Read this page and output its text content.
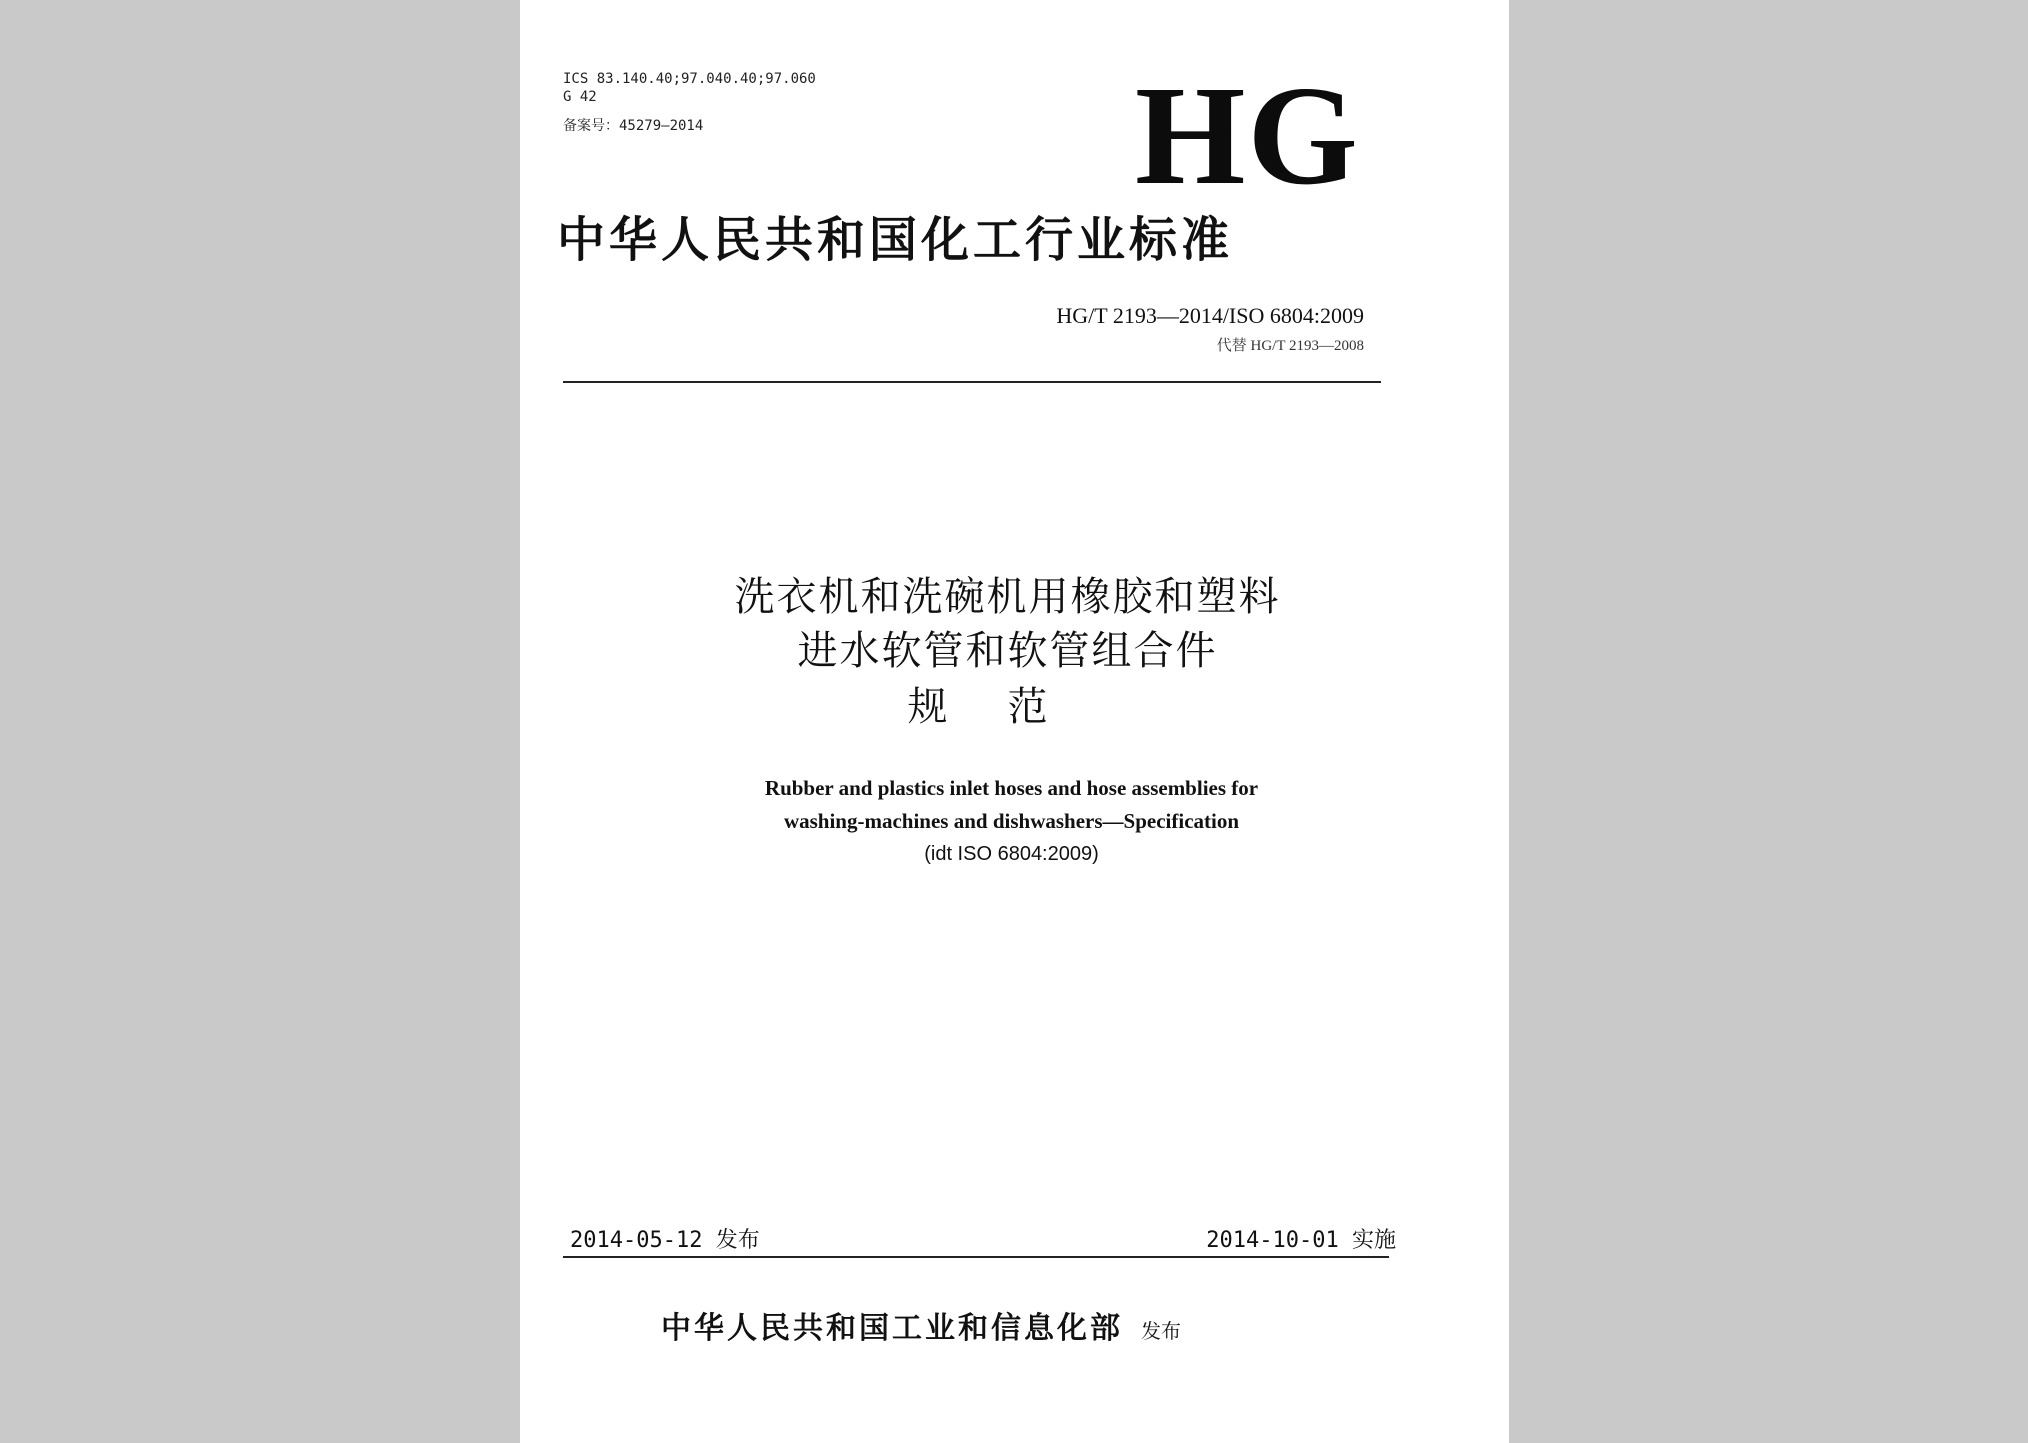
ICS 83.140.40;97.040.40;97.060
G 42
备案号：45279—2014	HG
中华人民共和国化工行业标准
HG/T 2193—2014/ISO 6804:2009
代替 HG/T 2193—2008
洗衣机和洗碗机用橡胶和塑料
进水软管和软管组合件
规范
Rubber and plastics inlet hoses and hose assemblies for
washing-machines and dishwashers—Specification
(idt ISO 6804:2009)
2014-05-12 发布	2014-10-01 实施
中华人民共和国工业和信息化部 发布
